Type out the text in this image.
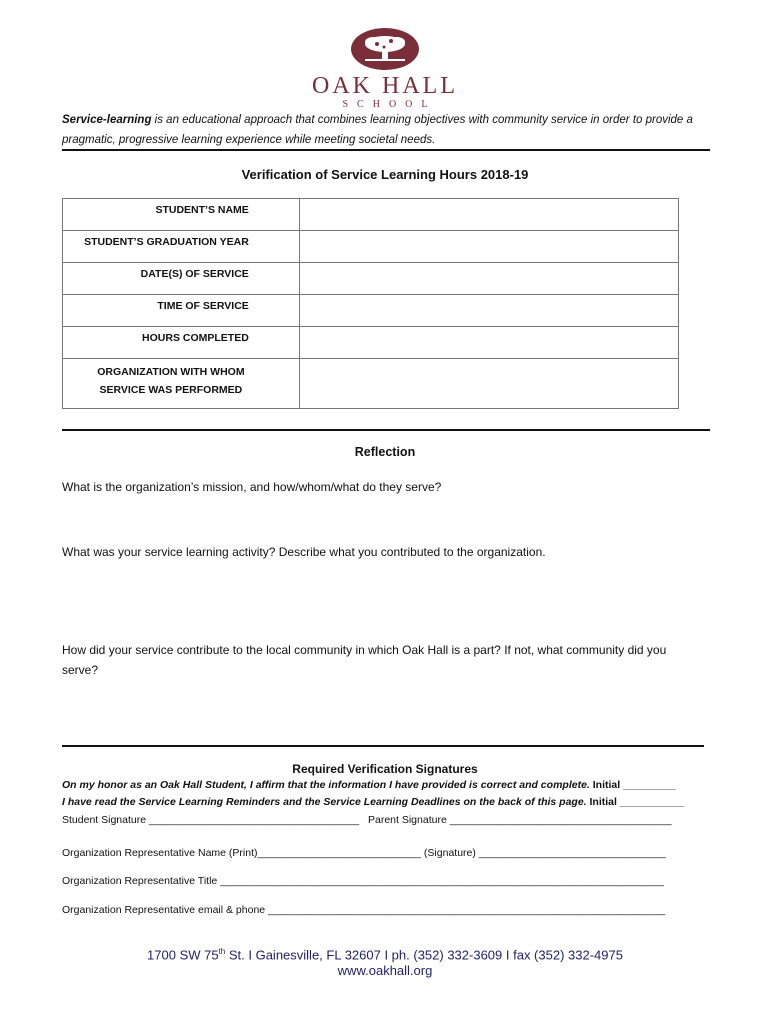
OAK HALL
SCHOOL
Service-learning is an educational approach that combines learning objectives with community service in order to provide a pragmatic, progressive learning experience while meeting societal needs.
Verification of Service Learning Hours 2018-19
STUDENT’S NAME	
STUDENT’S GRADUATION YEAR	
DATE(S) OF SERVICE	
TIME OF SERVICE	
HOURS COMPLETED	
ORGANIZATION WITH WHOM SERVICE WAS PERFORMED	
Reflection
What is the organization’s mission, and how/whom/what do they serve?
What was your service learning activity? Describe what you contributed to the organization.
How did your service contribute to the local community in which Oak Hall is a part? If not, what community did you serve?
Required Verification Signatures
On my honor as an Oak Hall Student, I affirm that the information I have provided is correct and complete. Initial _________
I have read the Service Learning Reminders and the Service Learning Deadlines on the back of this page. Initial ___________
Student Signature ____________________________________ Parent Signature ______________________________________
Organization Representative Name (Print)____________________________ (Signature) ________________________________
Organization Representative Title ____________________________________________________________________________
Organization Representative email & phone ____________________________________________________________________
1700 SW 75th St. I Gainesville, FL 32607 I ph. (352) 332-3609 I fax (352) 332-4975
www.oakhall.org
